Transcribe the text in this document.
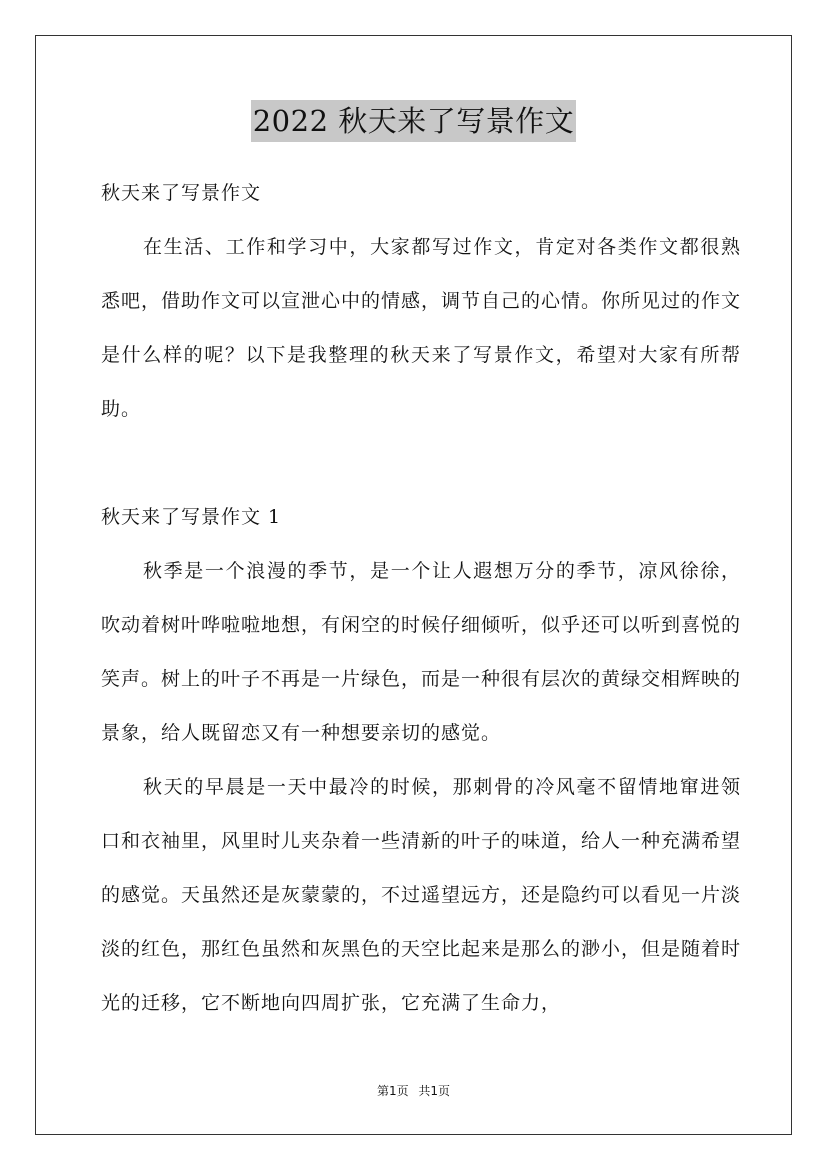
2022 秋天来了写景作文

秋天来了写景作文

在生活、工作和学习中，大家都写过作文，肯定对各类作文都很熟悉吧，借助作文可以宣泄心中的情感，调节自己的心情。你所见过的作文是什么样的呢？以下是我整理的秋天来了写景作文，希望对大家有所帮助。

秋天来了写景作文 1

秋季是一个浪漫的季节，是一个让人遐想万分的季节，凉风徐徐，吹动着树叶哗啦啦地想，有闲空的时候仔细倾听，似乎还可以听到喜悦的笑声。树上的叶子不再是一片绿色，而是一种很有层次的黄绿交相辉映的景象，给人既留恋又有一种想要亲切的感觉。

秋天的早晨是一天中最冷的时候，那刺骨的冷风毫不留情地窜进领口和衣袖里，风里时儿夹杂着一些清新的叶子的味道，给人一种充满希望的感觉。天虽然还是灰蒙蒙的，不过遥望远方，还是隐约可以看见一片淡淡的红色，那红色虽然和灰黑色的天空比起来是那么的渺小，但是随着时光的迁移，它不断地向四周扩张，它充满了生命力，

第1页 共1页
